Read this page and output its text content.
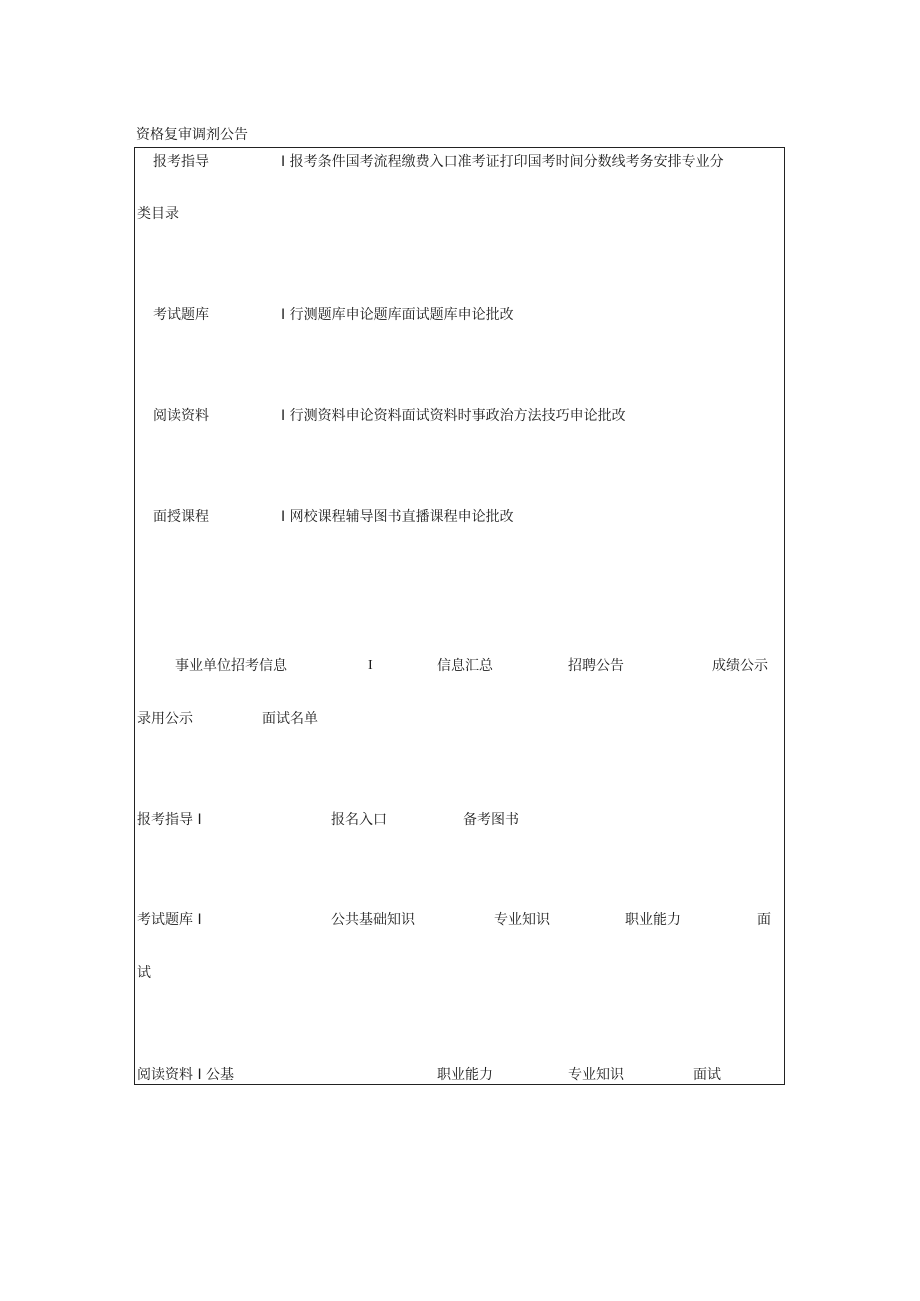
资格复审调剂公告
报考指导	I 报考条件国考流程缴费入口准考证打印国考时间分数线考务安排专业分
类目录
考试题库	I 行测题库申论题库面试题库申论批改
阅读资料	I 行测资料申论资料面试资料时事政治方法技巧申论批改
面授课程	I 网校课程辅导图书直播课程申论批改
事业单位招考信息	I	信息汇总	招聘公告	成绩公示
录用公示	面试名单
报考指导 I	报名入口	备考图书
考试题库 I	公共基础知识	专业知识	职业能力	面
试
阅读资料 I 公基	职业能力	专业知识	面试
